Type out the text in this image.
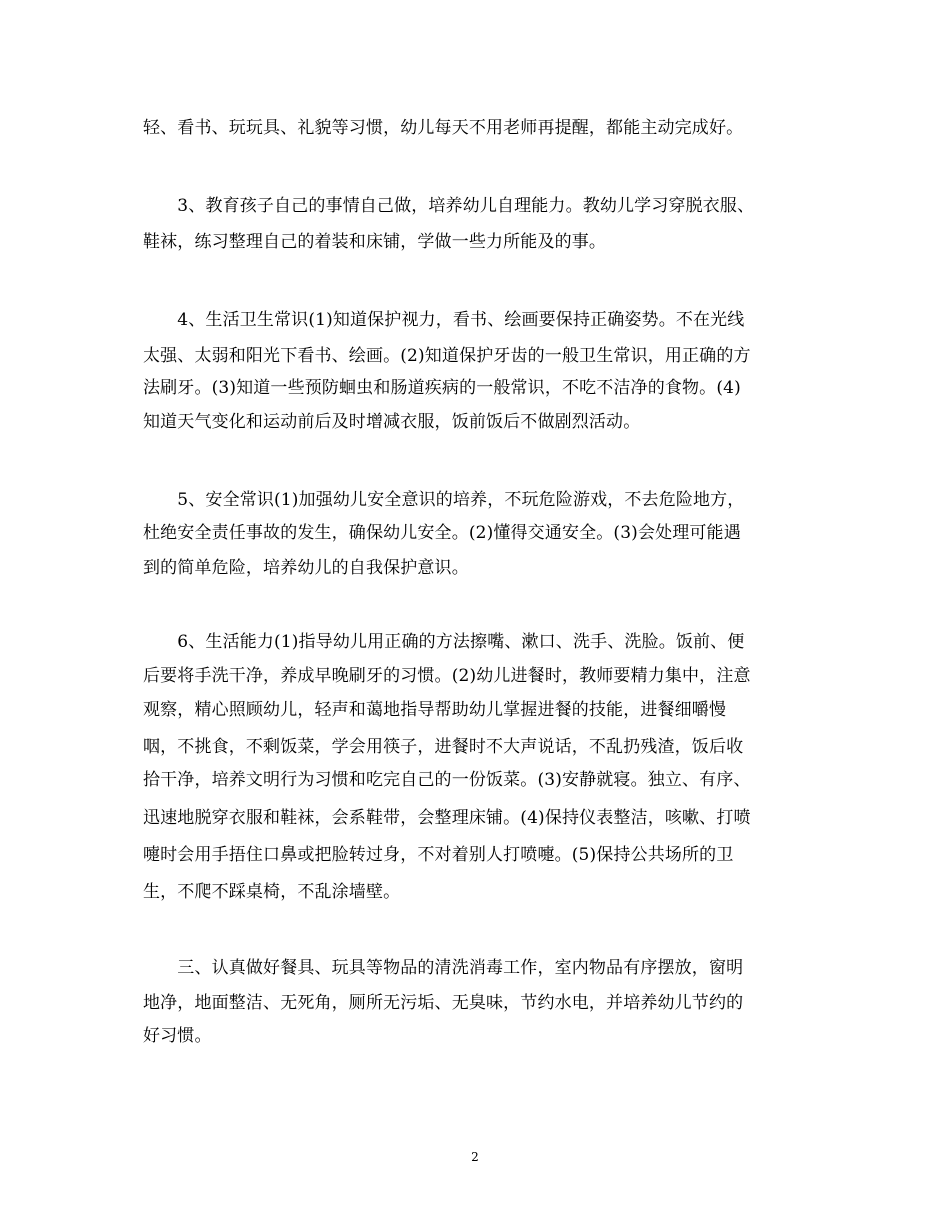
轻、看书、玩玩具、礼貌等习惯，幼儿每天不用老师再提醒，都能主动完成好。
　　3、教育孩子自己的事情自己做，培养幼儿自理能力。教幼儿学习穿脱衣服、
鞋袜，练习整理自己的着装和床铺，学做一些力所能及的事。
　　4、生活卫生常识(1)知道保护视力，看书、绘画要保持正确姿势。不在光线
太强、太弱和阳光下看书、绘画。(2)知道保护牙齿的一般卫生常识，用正确的方
法刷牙。(3)知道一些预防蛔虫和肠道疾病的一般常识，不吃不洁净的食物。(4)
知道天气变化和运动前后及时增减衣服，饭前饭后不做剧烈活动。
　　5、安全常识(1)加强幼儿安全意识的培养，不玩危险游戏，不去危险地方，
杜绝安全责任事故的发生，确保幼儿安全。(2)懂得交通安全。(3)会处理可能遇
到的简单危险，培养幼儿的自我保护意识。
　　6、生活能力(1)指导幼儿用正确的方法擦嘴、漱口、洗手、洗脸。饭前、便
后要将手洗干净，养成早晚刷牙的习惯。(2)幼儿进餐时，教师要精力集中，注意
观察，精心照顾幼儿，轻声和蔼地指导帮助幼儿掌握进餐的技能，进餐细嚼慢
咽，不挑食，不剩饭菜，学会用筷子，进餐时不大声说话，不乱扔残渣，饭后收
拾干净，培养文明行为习惯和吃完自己的一份饭菜。(3)安静就寝。独立、有序、
迅速地脱穿衣服和鞋袜，会系鞋带，会整理床铺。(4)保持仪表整洁，咳嗽、打喷
嚏时会用手捂住口鼻或把脸转过身，不对着别人打喷嚏。(5)保持公共场所的卫
生，不爬不踩桌椅，不乱涂墙壁。
　　三、认真做好餐具、玩具等物品的清洗消毒工作，室内物品有序摆放，窗明
地净，地面整洁、无死角，厕所无污垢、无臭味，节约水电，并培养幼儿节约的
好习惯。
2
